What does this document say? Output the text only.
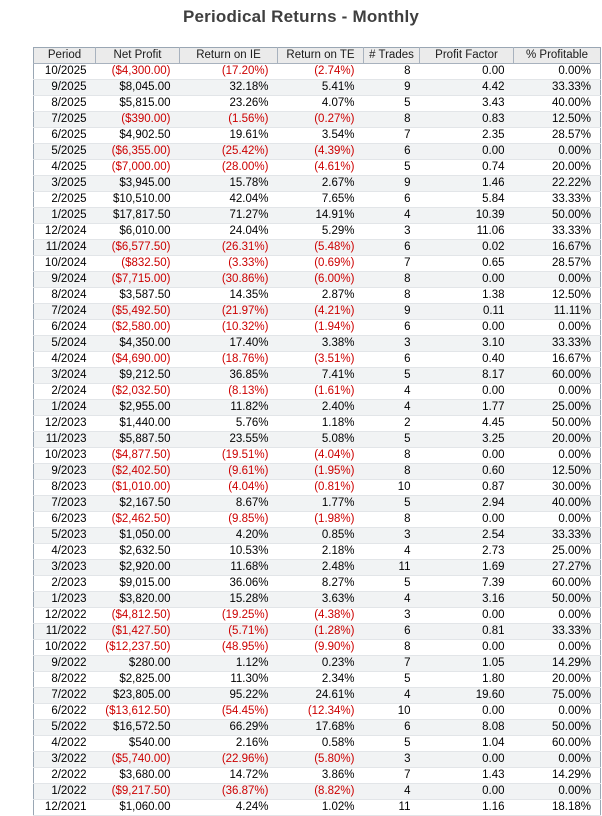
Periodical Returns - Monthly
Period	Net Profit	Return on IE	Return on TE	# Trades	Profit Factor	% Profitable
10/2025	($4,300.00)	(17.20%)	(2.74%)	8	0.00	0.00%
9/2025	$8,045.00	32.18%	5.41%	9	4.42	33.33%
8/2025	$5,815.00	23.26%	4.07%	5	3.43	40.00%
7/2025	($390.00)	(1.56%)	(0.27%)	8	0.83	12.50%
6/2025	$4,902.50	19.61%	3.54%	7	2.35	28.57%
5/2025	($6,355.00)	(25.42%)	(4.39%)	6	0.00	0.00%
4/2025	($7,000.00)	(28.00%)	(4.61%)	5	0.74	20.00%
3/2025	$3,945.00	15.78%	2.67%	9	1.46	22.22%
2/2025	$10,510.00	42.04%	7.65%	6	5.84	33.33%
1/2025	$17,817.50	71.27%	14.91%	4	10.39	50.00%
12/2024	$6,010.00	24.04%	5.29%	3	11.06	33.33%
11/2024	($6,577.50)	(26.31%)	(5.48%)	6	0.02	16.67%
10/2024	($832.50)	(3.33%)	(0.69%)	7	0.65	28.57%
9/2024	($7,715.00)	(30.86%)	(6.00%)	8	0.00	0.00%
8/2024	$3,587.50	14.35%	2.87%	8	1.38	12.50%
7/2024	($5,492.50)	(21.97%)	(4.21%)	9	0.11	11.11%
6/2024	($2,580.00)	(10.32%)	(1.94%)	6	0.00	0.00%
5/2024	$4,350.00	17.40%	3.38%	3	3.10	33.33%
4/2024	($4,690.00)	(18.76%)	(3.51%)	6	0.40	16.67%
3/2024	$9,212.50	36.85%	7.41%	5	8.17	60.00%
2/2024	($2,032.50)	(8.13%)	(1.61%)	4	0.00	0.00%
1/2024	$2,955.00	11.82%	2.40%	4	1.77	25.00%
12/2023	$1,440.00	5.76%	1.18%	2	4.45	50.00%
11/2023	$5,887.50	23.55%	5.08%	5	3.25	20.00%
10/2023	($4,877.50)	(19.51%)	(4.04%)	8	0.00	0.00%
9/2023	($2,402.50)	(9.61%)	(1.95%)	8	0.60	12.50%
8/2023	($1,010.00)	(4.04%)	(0.81%)	10	0.87	30.00%
7/2023	$2,167.50	8.67%	1.77%	5	2.94	40.00%
6/2023	($2,462.50)	(9.85%)	(1.98%)	8	0.00	0.00%
5/2023	$1,050.00	4.20%	0.85%	3	2.54	33.33%
4/2023	$2,632.50	10.53%	2.18%	4	2.73	25.00%
3/2023	$2,920.00	11.68%	2.48%	11	1.69	27.27%
2/2023	$9,015.00	36.06%	8.27%	5	7.39	60.00%
1/2023	$3,820.00	15.28%	3.63%	4	3.16	50.00%
12/2022	($4,812.50)	(19.25%)	(4.38%)	3	0.00	0.00%
11/2022	($1,427.50)	(5.71%)	(1.28%)	6	0.81	33.33%
10/2022	($12,237.50)	(48.95%)	(9.90%)	8	0.00	0.00%
9/2022	$280.00	1.12%	0.23%	7	1.05	14.29%
8/2022	$2,825.00	11.30%	2.34%	5	1.80	20.00%
7/2022	$23,805.00	95.22%	24.61%	4	19.60	75.00%
6/2022	($13,612.50)	(54.45%)	(12.34%)	10	0.00	0.00%
5/2022	$16,572.50	66.29%	17.68%	6	8.08	50.00%
4/2022	$540.00	2.16%	0.58%	5	1.04	60.00%
3/2022	($5,740.00)	(22.96%)	(5.80%)	3	0.00	0.00%
2/2022	$3,680.00	14.72%	3.86%	7	1.43	14.29%
1/2022	($9,217.50)	(36.87%)	(8.82%)	4	0.00	0.00%
12/2021	$1,060.00	4.24%	1.02%	11	1.16	18.18%
